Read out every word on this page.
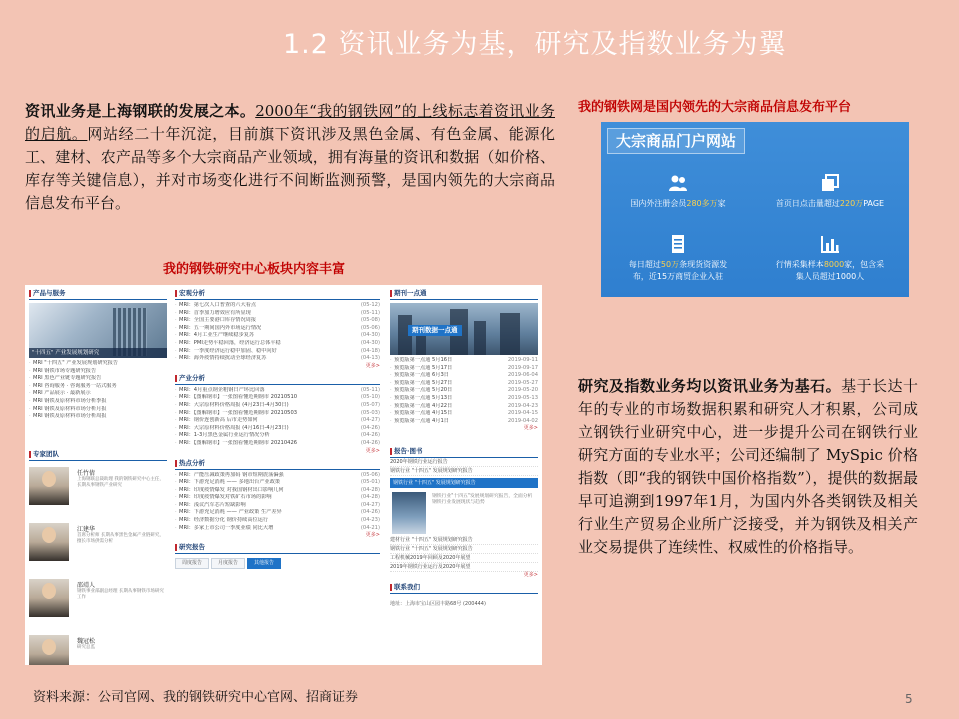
1.2 资讯业务为基，研究及指数业务为翼
资讯业务是上海钢联的发展之本。2000年“我的钢铁网”的上线标志着资讯业务的启航。网站经二十年沉淀，目前旗下资讯涉及黑色金属、有色金属、能源化工、建材、农产品等多个大宗商品产业领域，拥有海量的资讯和数据（如价格、库存等关键信息），并对市场变化进行不间断监测预警，是国内领先的大宗商品信息发布平台。
我的钢铁研究中心板块内容丰富
我的钢铁网是国内领先的大宗商品信息发布平台
产品与服务
"十四五" 产业发展规划研究
· MRI "十四五" 产业发展规划研究报告
· MRI 钢铁市场专题研究报告
· MRI 黑色产业链专题研究报告
· MRI 咨询服务 · 咨询服务一站式服务
· MRI 产品展示 · 最新展示
· MRI 钢铁及原材料市场分析季报
· MRI 钢铁及原材料市场分析月报
· MRI 钢铁及原材料市场分析周报
专家团队
任竹倩
上海钢联总裁助理 我的钢铁研究中心主任，长期从事钢铁产业研究
江建华
首席分析师 长期从事黑色金属产业链研究，擅长市场供需分析
邵靖人
钢铁事业部副总经理 长期从事钢铁市场研究工作
魏冠松
研究总监
宏观分析
· MRI：第七次人口普查的六大看点	(05-12)
· MRI：首季加力增效应有所显现	(05-11)
· MRI：全国主要港口库存情况周报	(05-08)
· MRI：五一期间国内外市场运行情况	(05-06)
· MRI：4月工业生产继续稳步复苏	(04-30)
· MRI：PMI走势平稳回落，经济运行总体平稳	(04-30)
· MRI：一季度经济运行稳中加固、稳中向好	(04-18)
· MRI：海外疫情持续扰动全球经济复苏	(04-13)
更多>
产业分析
· MRI：4月重点钢企粗钢日产环比回落	(05-11)
· MRI：【图解钢市】一张图看懂近期钢市 20210510	(05-10)
· MRI：大宗原材料价格周报 (4月23日-4月30日)	(05-07)
· MRI：【图解钢市】一张图看懂近期钢市 20210503	(05-03)
· MRI：钢价连创新高 后市走势如何	(04-27)
· MRI：大宗原材料价格周报 (4月16日-4月23日)	(04-26)
· MRI：1-3月黑色金属行业运行情况分析	(04-26)
· MRI：【图解钢市】一张图看懂近期钢市 20210426	(04-26)
更多>
热点分析
· MRI：产能压减政策再加码 钢市短期震荡偏强	(05-06)
· MRI：下游充足消耗 —— 多地出台产业政策	(05-01)
· MRI：印度疫情爆发 对我国钢材出口影响几何	(04-28)
· MRI：印度疫情爆发对铁矿石市场的影响	(04-28)
· MRI：浅议汽车芯片短缺影响	(04-27)
· MRI：下游充足消耗 —— 产业政策 生产差异	(04-26)
· MRI：经济数据分化 钢价持续高位运行	(04-23)
· MRI：多家上市公司一季度业绩 同比大增	(04-21)
更多>
研究报告
周度报告	月度报告	其他报告
期刊一点通
期刊数据一点通
· 预览版第一点通 5月16日	2019-09-11
· 预览版第一点通 5月17日	2019-09-17
· 预览版第一点通 6月3日	2019-06-04
· 预览版第一点通 5月27日	2019-05-27
· 预览版第一点通 5月20日	2019-05-20
· 预览版第一点通 5月13日	2019-05-13
· 预览版第一点通 4月22日	2019-04-23
· 预览版第一点通 4月15日	2019-04-15
· 预览版第一点通 4月1日	2019-04-02
更多>
报告·图书
2020年钢铁行业运行报告
钢铁行业 "十四五" 发展规划研究报告
钢铁行业 "十四五" 发展规划研究报告
钢铁行业"十四五"发展规划研究报告，全面分析钢铁行业发展现状与趋势
建材行业 "十四五" 发展规划研究报告
钢铁行业 "十四五" 发展规划研究报告
工程机械2019年回顾及2020年展望
2019年钢铁行业运行及2020年展望
更多>
联系我们
地址：上海市宝山区园丰路68号 (200444)
大宗商品门户网站
国内外注册会员280多万家	首页日点击量超过220万PAGE
每日超过50万条现货资源发
布，近15万商贸企业入驻
行情采集样本8000家，包含采
集人员超过1000人
研究及指数业务均以资讯业务为基石。基于长达十年的专业的市场数据积累和研究人才积累，公司成立钢铁行业研究中心，进一步提升公司在钢铁行业研究方面的专业水平；公司还编制了 MySpic 价格指数（即“我的钢铁中国价格指数”），提供的数据最早可追溯到1997年1月，为国内外各类钢铁及相关行业生产贸易企业所广泛接受，并为钢铁及相关产业交易提供了连续性、权威性的价格指导。
资料来源：公司官网、我的钢铁研究中心官网、招商证券	5
